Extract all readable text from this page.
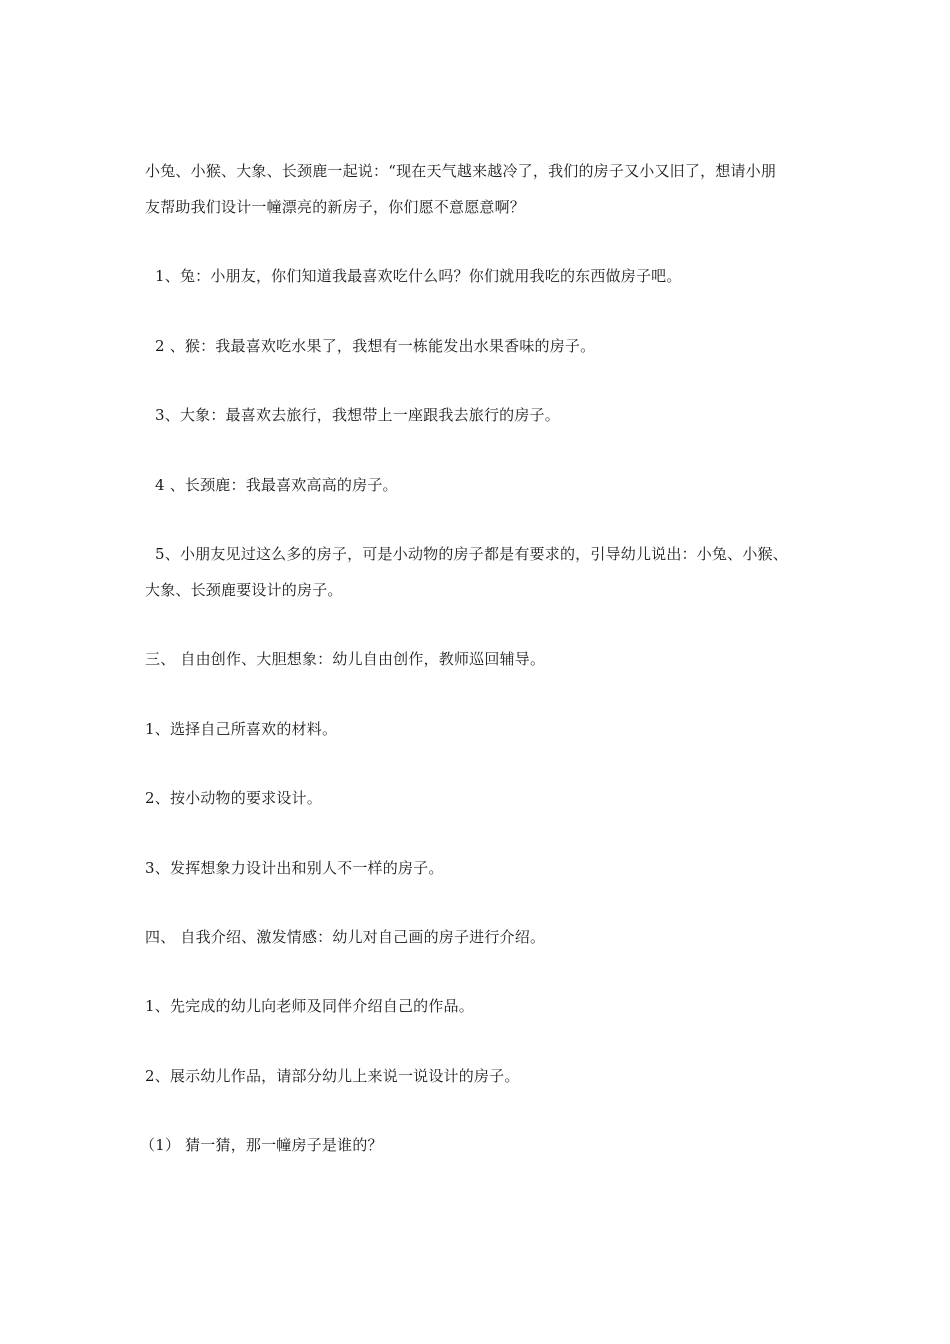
小兔、小猴、大象、长颈鹿一起说：“现在天气越来越冷了，我们的房子又小又旧了，想请小朋
友帮助我们设计一幢漂亮的新房子，你们愿不意愿意啊？
1、兔：小朋友，你们知道我最喜欢吃什么吗？你们就用我吃的东西做房子吧。
2 、猴：我最喜欢吃水果了，我想有一栋能发出水果香味的房子。
3、大象：最喜欢去旅行，我想带上一座跟我去旅行的房子。
4 、长颈鹿：我最喜欢高高的房子。
5、小朋友见过这么多的房子，可是小动物的房子都是有要求的，引导幼儿说出：小兔、小猴、
大象、长颈鹿要设计的房子。
三、 自由创作、大胆想象：幼儿自由创作，教师巡回辅导。
1、选择自己所喜欢的材料。
2、按小动物的要求设计。
3、发挥想象力设计出和别人不一样的房子。
四、 自我介绍、激发情感：幼儿对自己画的房子进行介绍。
1、先完成的幼儿向老师及同伴介绍自己的作品。
2、展示幼儿作品，请部分幼儿上来说一说设计的房子。
（1） 猜一猜，那一幢房子是谁的？
